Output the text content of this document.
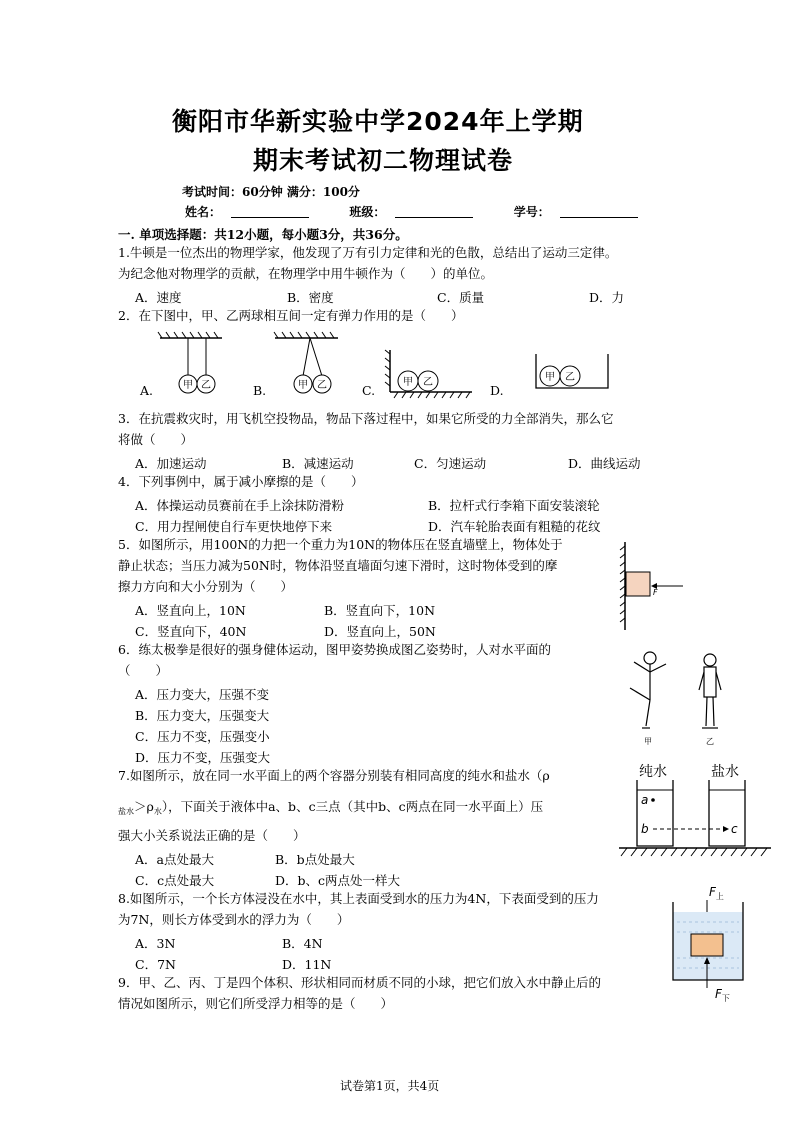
衡阳市华新实验中学2024年上学期
期末考试初二物理试卷
考试时间：60分钟 满分：100分
姓名：	班级：	学号：
一. 单项选择题：共12小题，每小题3分，共36分。
1.牛顿是一位杰出的物理学家，他发现了万有引力定律和光的色散，总结出了运动三定律。
为纪念他对物理学的贡献，在物理学中用牛顿作为（　　）的单位。
A．速度	B．密度	C．质量	D．力
2．在下图中，甲、乙两球相互间一定有弹力作用的是（　　）
A.	B.	C.	D.
甲 乙	甲 乙	甲 乙	甲 乙
3．在抗震救灾时，用飞机空投物品，物品下落过程中，如果它所受的力全部消失，那么它
将做（　　）
A．加速运动	B．减速运动	C．匀速运动	D．曲线运动
4．下列事例中，属于减小摩擦的是（　　）
A．体操运动员赛前在手上涂抹防滑粉	B．拉杆式行李箱下面安装滚轮
C．用力捏闸使自行车更快地停下来	D．汽车轮胎表面有粗糙的花纹
5．如图所示，用100N的力把一个重力为10N的物体压在竖直墙壁上，物体处于
静止状态；当压力减为50N时，物体沿竖直墙面匀速下滑时，这时物体受到的摩
擦力方向和大小分别为（　　）
A．竖直向上，10N	B．竖直向下，10N
C．竖直向下，40N	D．竖直向上，50N
F
6．练太极拳是很好的强身健体运动，图甲姿势换成图乙姿势时，人对水平面的
（　　）
A．压力变大，压强不变
B．压力变大，压强变大
C．压力不变，压强变小
D．压力不变，压强变大
甲	乙
7.如图所示，放在同一水平面上的两个容器分别装有相同高度的纯水和盐水（ρ
$_{盐水}>\rho_水$），下面关于液体中a、b、c三点（其中b、c两点在同一水平面上）压
强大小关系说法正确的是（　　）
A．a点处最大	B．b点处最大
C．c点处最大	D．b、c两点处一样大
纯水	盐水
a
b	c
8.如图所示，一个长方体浸没在水中，其上表面受到水的压力为4N，下表面受到的压力
为7N，则长方体受到水的浮力为（　　）
A．3N	B．4N
C．7N	D．11N
$F_上$
$F_下$
9．甲、乙、丙、丁是四个体积、形状相同而材质不同的小球，把它们放入水中静止后的
情况如图所示，则它们所受浮力相等的是（　　）
试卷第1页，共4页
